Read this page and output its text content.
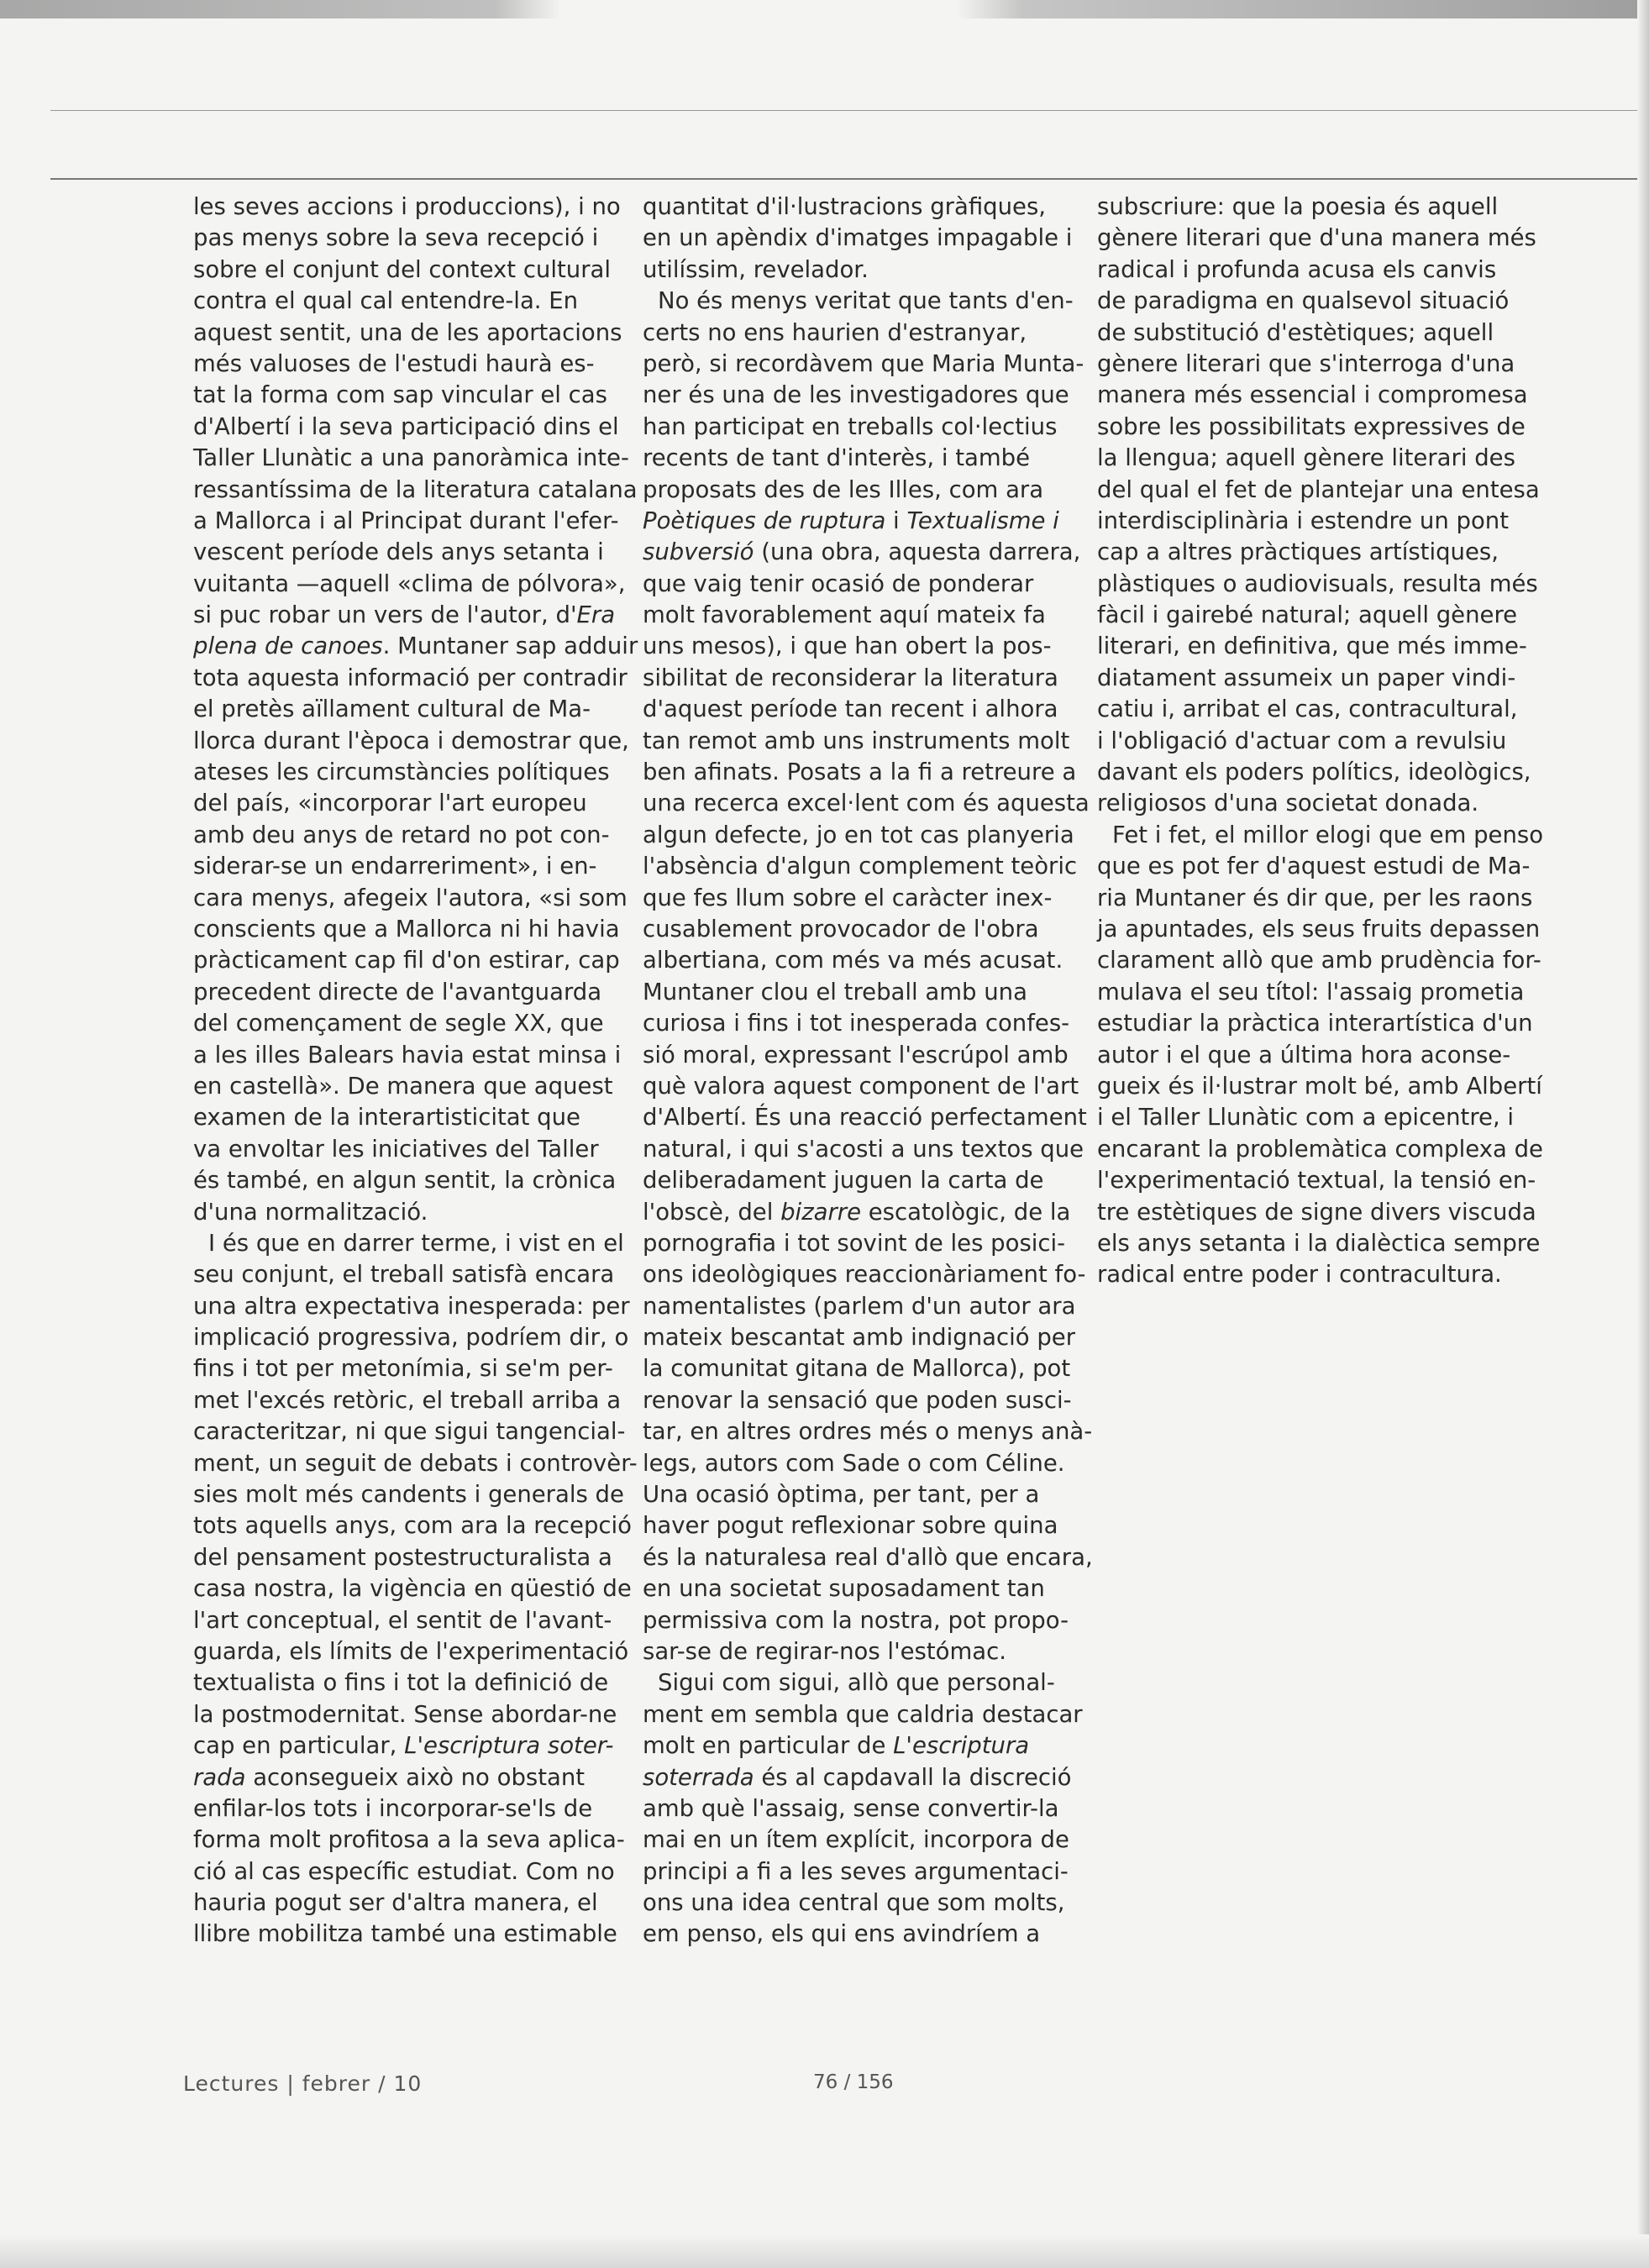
les seves accions i produccions), i no
pas menys sobre la seva recepció i
sobre el conjunt del context cultural
contra el qual cal entendre-la. En
aquest sentit, una de les aportacions
més valuoses de l'estudi haurà es-
tat la forma com sap vincular el cas
d'Albertí i la seva participació dins el
Taller Llunàtic a una panoràmica inte-
ressantíssima de la literatura catalana
a Mallorca i al Principat durant l'efer-
vescent període dels anys setanta i
vuitanta —aquell «clima de pólvora»,
si puc robar un vers de l'autor, d'Era
plena de canoes. Muntaner sap adduir
tota aquesta informació per contradir
el pretès aïllament cultural de Ma-
llorca durant l'època i demostrar que,
ateses les circumstàncies polítiques
del país, «incorporar l'art europeu
amb deu anys de retard no pot con-
siderar-se un endarreriment», i en-
cara menys, afegeix l'autora, «si som
conscients que a Mallorca ni hi havia
pràcticament cap fil d'on estirar, cap
precedent directe de l'avantguarda
del començament de segle XX, que
a les illes Balears havia estat minsa i
en castellà». De manera que aquest
examen de la interartisticitat que
va envoltar les iniciatives del Taller
és també, en algun sentit, la crònica
d'una normalització.
I és que en darrer terme, i vist en el
seu conjunt, el treball satisfà encara
una altra expectativa inesperada: per
implicació progressiva, podríem dir, o
fins i tot per metonímia, si se'm per-
met l'excés retòric, el treball arriba a
caracteritzar, ni que sigui tangencial-
ment, un seguit de debats i controvèr-
sies molt més candents i generals de
tots aquells anys, com ara la recepció
del pensament postestructuralista a
casa nostra, la vigència en qüestió de
l'art conceptual, el sentit de l'avant-
guarda, els límits de l'experimentació
textualista o fins i tot la definició de
la postmodernitat. Sense abordar-ne
cap en particular, L'escriptura soter-
rada aconsegueix això no obstant
enfilar-los tots i incorporar-se'ls de
forma molt profitosa a la seva aplica-
ció al cas específic estudiat. Com no
hauria pogut ser d'altra manera, el
llibre mobilitza també una estimable
quantitat d'il·lustracions gràfiques,
en un apèndix d'imatges impagable i
utilíssim, revelador.
No és menys veritat que tants d'en-
certs no ens haurien d'estranyar,
però, si recordàvem que Maria Munta-
ner és una de les investigadores que
han participat en treballs col·lectius
recents de tant d'interès, i també
proposats des de les Illes, com ara
Poètiques de ruptura i Textualisme i
subversió (una obra, aquesta darrera,
que vaig tenir ocasió de ponderar
molt favorablement aquí mateix fa
uns mesos), i que han obert la pos-
sibilitat de reconsiderar la literatura
d'aquest període tan recent i alhora
tan remot amb uns instruments molt
ben afinats. Posats a la fi a retreure a
una recerca excel·lent com és aquesta
algun defecte, jo en tot cas planyeria
l'absència d'algun complement teòric
que fes llum sobre el caràcter inex-
cusablement provocador de l'obra
albertiana, com més va més acusat.
Muntaner clou el treball amb una
curiosa i fins i tot inesperada confes-
sió moral, expressant l'escrúpol amb
què valora aquest component de l'art
d'Albertí. És una reacció perfectament
natural, i qui s'acosti a uns textos que
deliberadament juguen la carta de
l'obscè, del bizarre escatològic, de la
pornografia i tot sovint de les posici-
ons ideològiques reaccionàriament fo-
namentalistes (parlem d'un autor ara
mateix bescantat amb indignació per
la comunitat gitana de Mallorca), pot
renovar la sensació que poden susci-
tar, en altres ordres més o menys anà-
legs, autors com Sade o com Céline.
Una ocasió òptima, per tant, per a
haver pogut reflexionar sobre quina
és la naturalesa real d'allò que encara,
en una societat suposadament tan
permissiva com la nostra, pot propo-
sar-se de regirar-nos l'estómac.
Sigui com sigui, allò que personal-
ment em sembla que caldria destacar
molt en particular de L'escriptura
soterrada és al capdavall la discreció
amb què l'assaig, sense convertir-la
mai en un ítem explícit, incorpora de
principi a fi a les seves argumentaci-
ons una idea central que som molts,
em penso, els qui ens avindríem a
subscriure: que la poesia és aquell
gènere literari que d'una manera més
radical i profunda acusa els canvis
de paradigma en qualsevol situació
de substitució d'estètiques; aquell
gènere literari que s'interroga d'una
manera més essencial i compromesa
sobre les possibilitats expressives de
la llengua; aquell gènere literari des
del qual el fet de plantejar una entesa
interdisciplinària i estendre un pont
cap a altres pràctiques artístiques,
plàstiques o audiovisuals, resulta més
fàcil i gairebé natural; aquell gènere
literari, en definitiva, que més imme-
diatament assumeix un paper vindi-
catiu i, arribat el cas, contracultural,
i l'obligació d'actuar com a revulsiu
davant els poders polítics, ideològics,
religiosos d'una societat donada.
Fet i fet, el millor elogi que em penso
que es pot fer d'aquest estudi de Ma-
ria Muntaner és dir que, per les raons
ja apuntades, els seus fruits depassen
clarament allò que amb prudència for-
mulava el seu títol: l'assaig prometia
estudiar la pràctica interartística d'un
autor i el que a última hora aconse-
gueix és il·lustrar molt bé, amb Albertí
i el Taller Llunàtic com a epicentre, i
encarant la problemàtica complexa de
l'experimentació textual, la tensió en-
tre estètiques de signe divers viscuda
els anys setanta i la dialèctica sempre
radical entre poder i contracultura.
Lectures | febrer / 10	76 / 156
